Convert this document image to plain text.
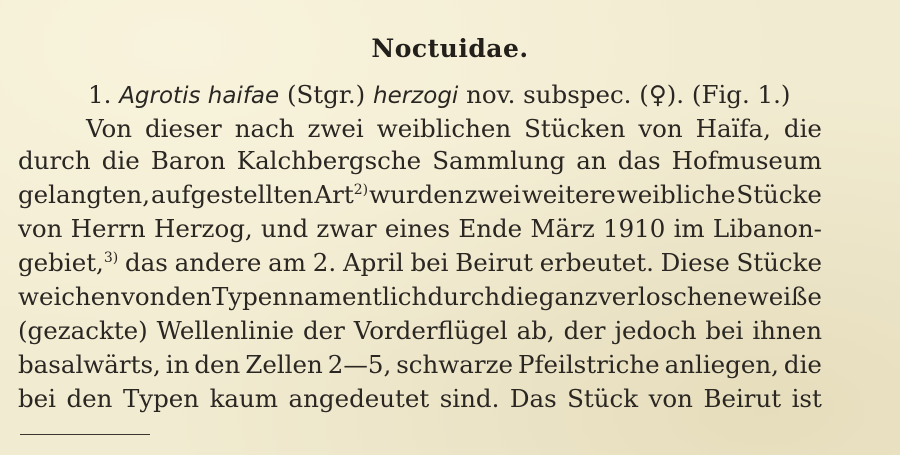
Noctuidae.
1. Agrotis haifae (Stgr.) herzogi nov. subspec. (♀). (Fig. 1.)
Von dieser nach zwei weiblichen Stücken von Haïfa, die
durch die Baron Kalchbergsche Sammlung an das Hofmuseum
gelangten, aufgestellten Art$^{2)}$ wurden zwei weitere weibliche Stücke
von Herrn Herzog, und zwar eines Ende März 1910 im Libanon-
gebiet,$^{3)}$ das andere am 2. April bei Beirut erbeutet. Diese Stücke
weichenvon den Typen namentlich durch die ganz verloschene weiße
(gezackte) Wellenlinie der Vorderflügel ab, der jedoch bei ihnen
basalwärts, in den Zellen 2—5, schwarze Pfeilstriche anliegen, die
bei den Typen kaum angedeutet sind. Das Stück von Beirut ist
